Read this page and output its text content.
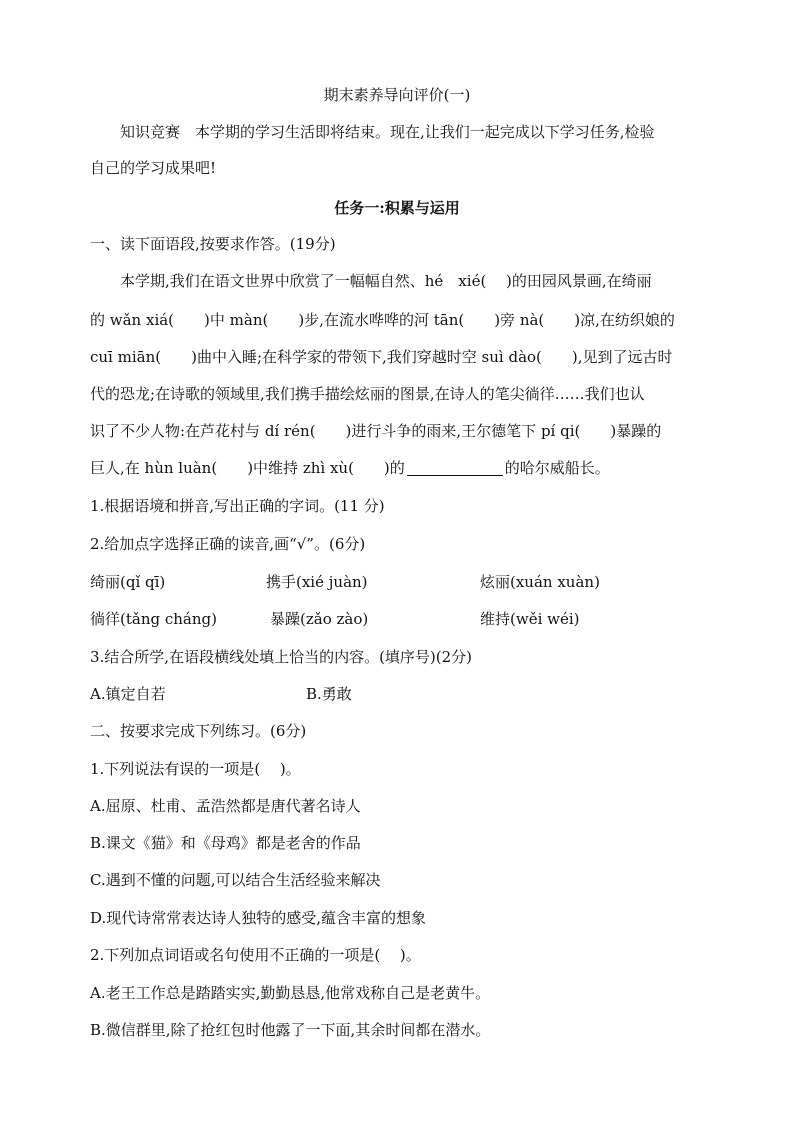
期末素养导向评价(一)
知识竞赛　本学期的学习生活即将结束。现在,让我们一起完成以下学习任务,检验
自己的学习成果吧!
任务一:积累与运用
一、读下面语段,按要求作答。(19分)
本学期,我们在语文世界中欣赏了一幅幅自然、hé　xié(　 )的田园风景画,在绮丽
的 wǎn xiá(　　)中 màn(　　)步,在流水哗哗的河 tān(　　)旁 nà(　　)凉,在纺织娘的
cuī miān(　　)曲中入睡;在科学家的带领下,我们穿越时空 suì dào(　　),见到了远古时
代的恐龙;在诗歌的领域里,我们携手描绘炫丽的图景,在诗人的笔尖徜徉……我们也认
识了不少人物:在芦花村与 dí rén(　　)进行斗争的雨来,王尔德笔下 pí qi(　　)暴躁的
巨人,在 hùn luàn(　　)中维持 zhì xù(　　)的	的哈尔威船长。
1.根据语境和拼音,写出正确的字词。(11 分)
2.给加点字选择正确的读音,画“√”。(6分)
绮丽(qǐ qī)	携手(xié juàn)	炫丽(xuán xuàn)
徜徉(tǎng cháng)	暴躁(zǎo zào)	维持(wěi wéi)
3.结合所学,在语段横线处填上恰当的内容。(填序号)(2分)
A.镇定自若	B.勇敢
二、按要求完成下列练习。(6分)
1.下列说法有误的一项是(　 )。
A.屈原、杜甫、孟浩然都是唐代著名诗人
B.课文《猫》和《母鸡》都是老舍的作品
C.遇到不懂的问题,可以结合生活经验来解决
D.现代诗常常表达诗人独特的感受,蕴含丰富的想象
2.下列加点词语或名句使用不正确的一项是(　 )。
A.老王工作总是踏踏实实,勤勤恳恳,他常戏称自己是老黄牛。
B.微信群里,除了抢红包时他露了一下面,其余时间都在潜水。
